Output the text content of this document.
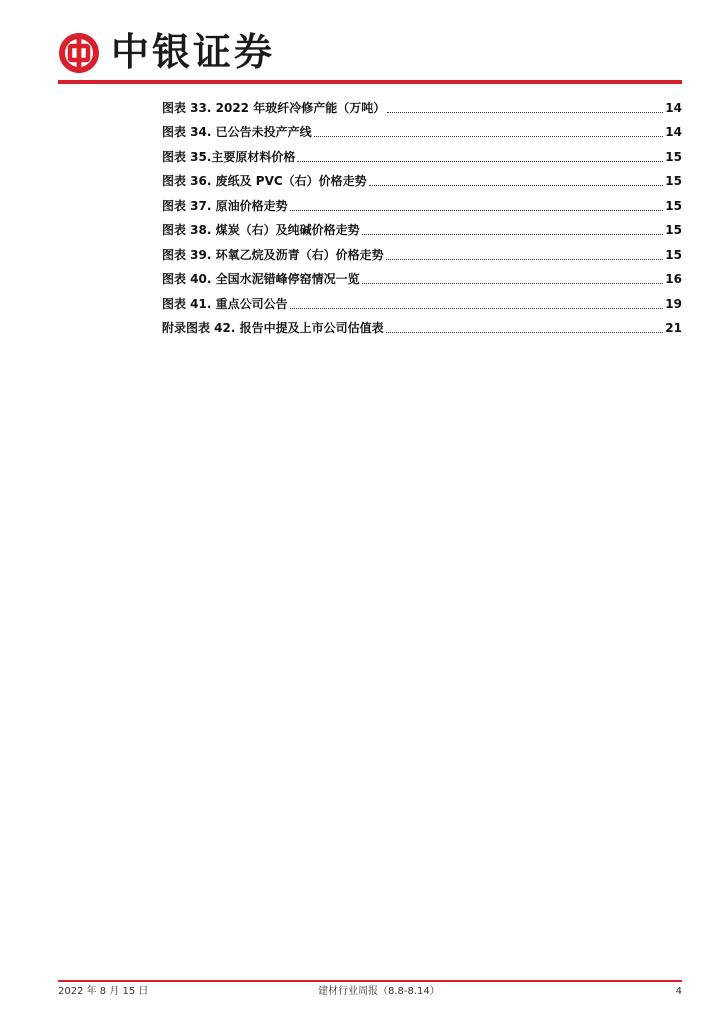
中银证券
图表 33. 2022 年玻纤冷修产能（万吨）	14
图表 34. 已公告未投产产线	14
图表 35.主要原材料价格	15
图表 36. 废纸及 PVC（右）价格走势	15
图表 37. 原油价格走势	15
图表 38. 煤炭（右）及纯碱价格走势	15
图表 39. 环氧乙烷及沥青（右）价格走势	15
图表 40. 全国水泥错峰停窑情况一览	16
图表 41. 重点公司公告	19
附录图表 42. 报告中提及上市公司估值表	21
2022 年 8 月 15 日	建材行业周报（8.8-8.14）	4
